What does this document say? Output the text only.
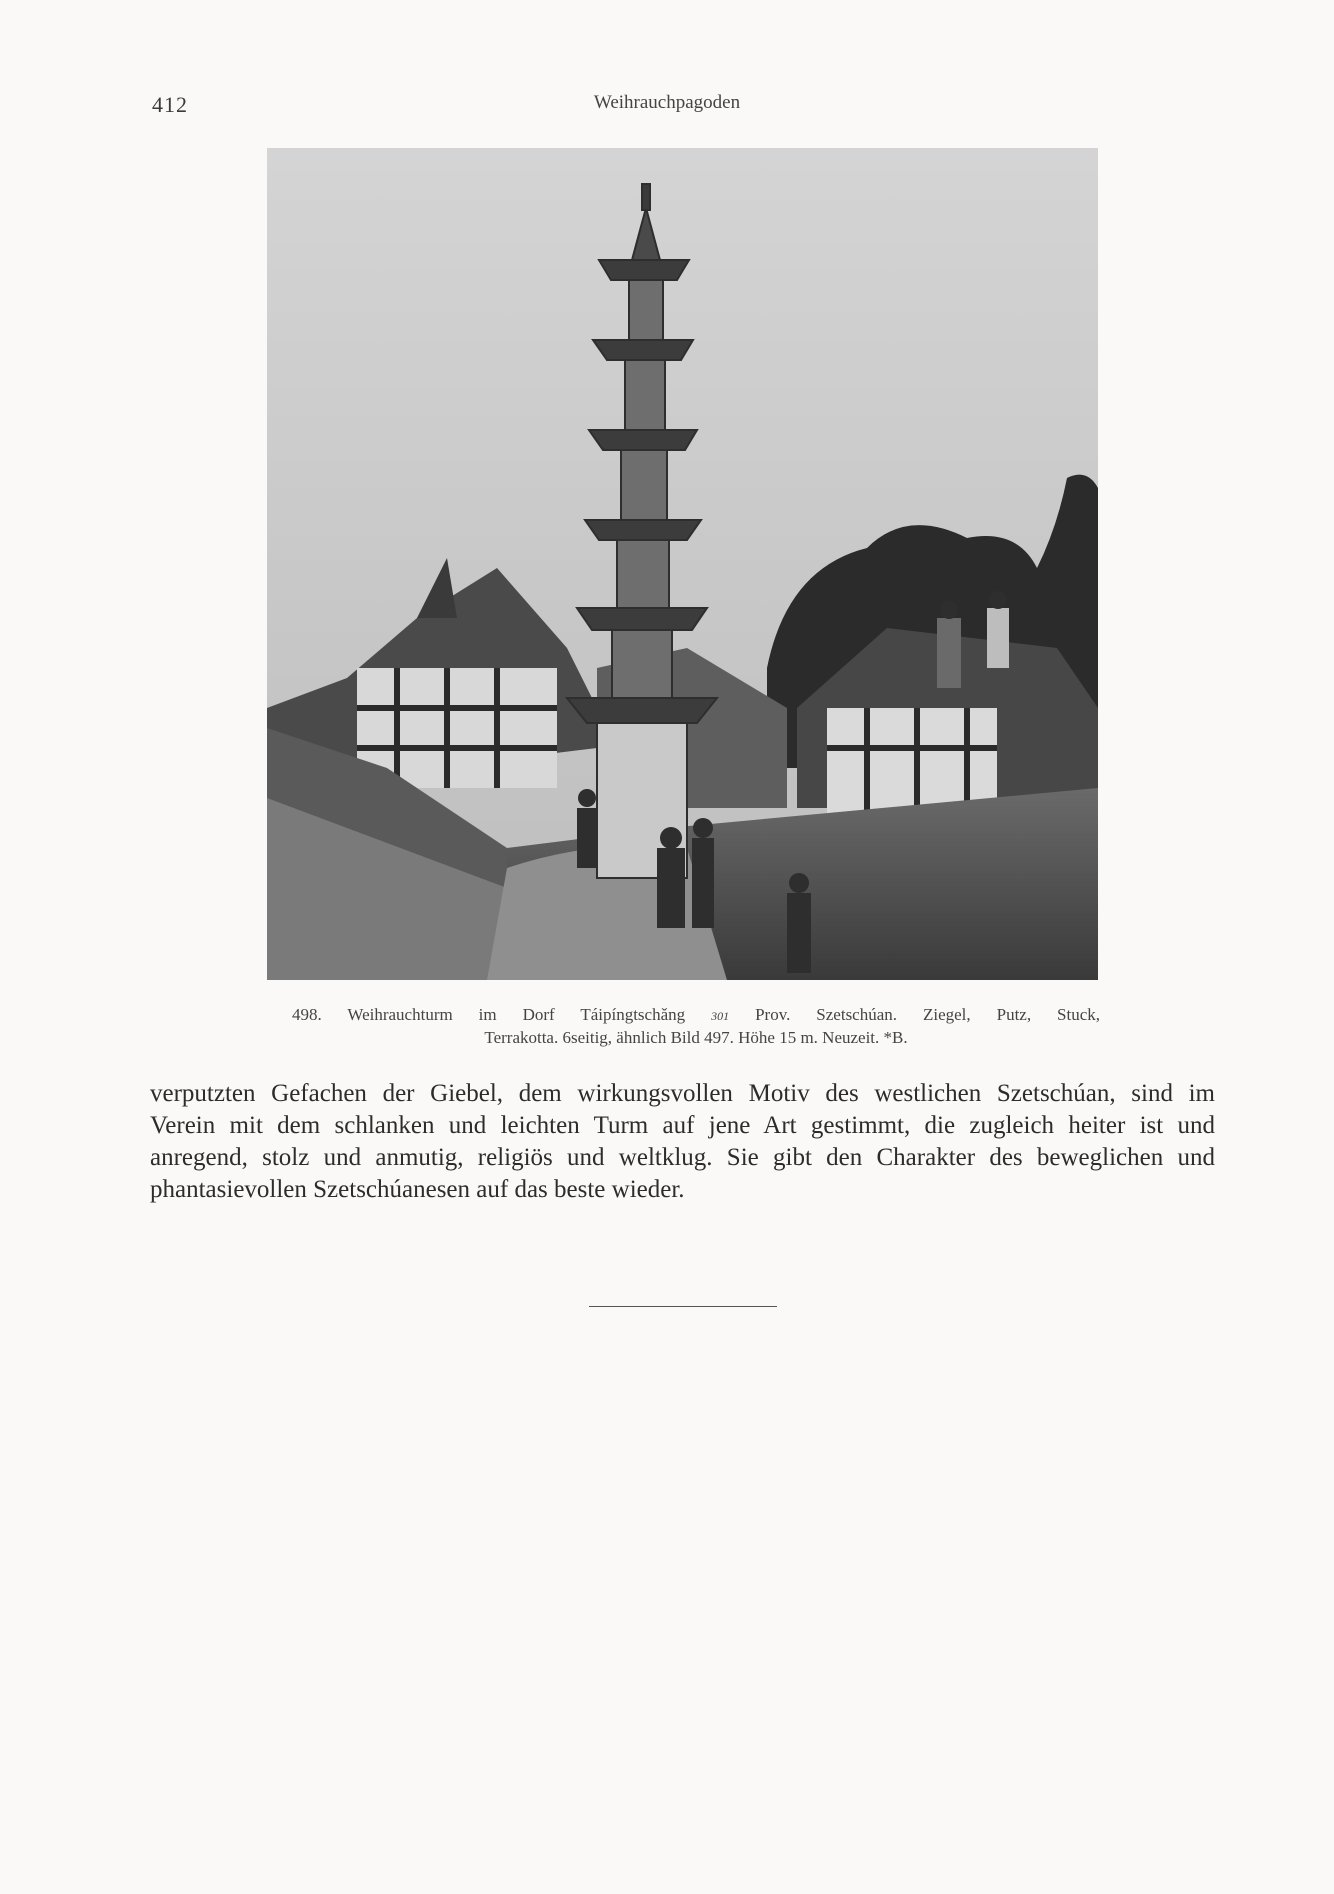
412	Weihrauchpagoden
498. Weihrauchturm im Dorf Táipíngtschǎng 301 Prov. Szetschúan. Ziegel, Putz, Stuck,
Terrakotta. 6seitig, ähnlich Bild 497. Höhe 15 m. Neuzeit. *B.
verputzten Gefachen der Giebel, dem wirkungsvollen Motiv des westlichen Szetschúan, sind im
Verein mit dem schlanken und leichten Turm auf jene Art gestimmt, die zugleich heiter ist und
anregend, stolz und anmutig, religiös und weltklug. Sie gibt den Charakter des beweglichen und
phantasievollen Szetschúanesen auf das beste wieder.
